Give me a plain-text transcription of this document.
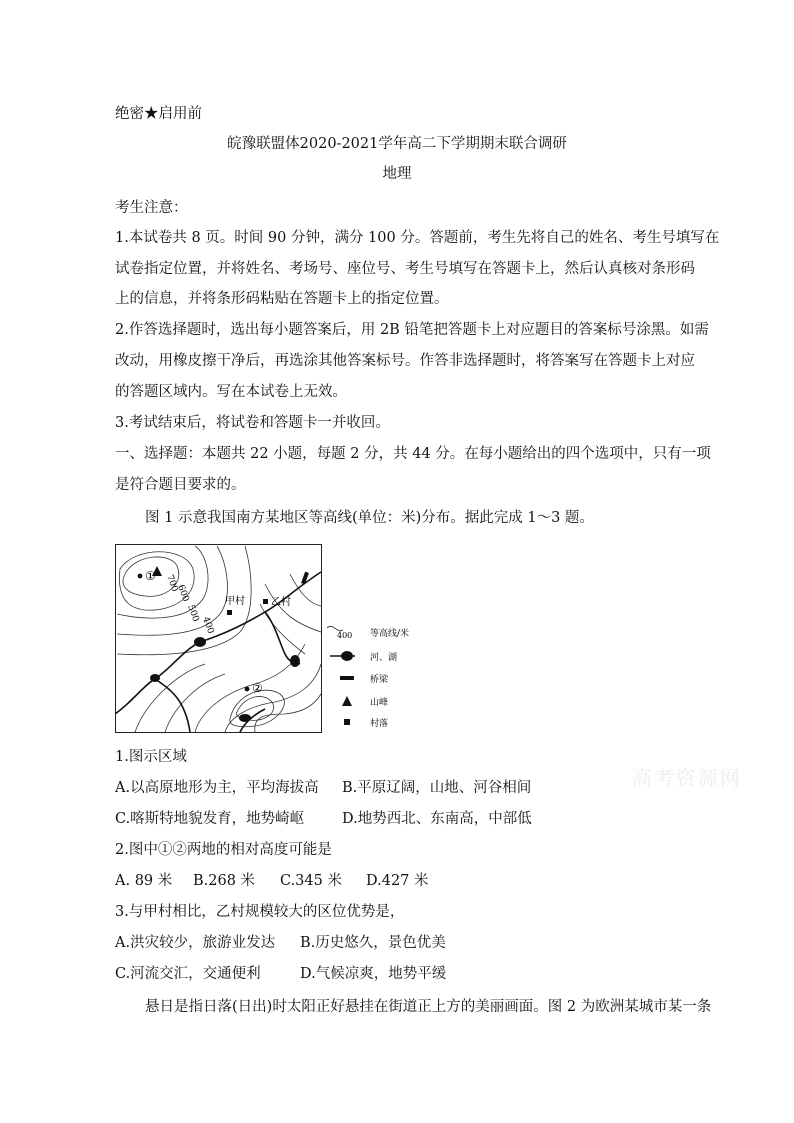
绝密★启用前
皖豫联盟体2020-2021学年高二下学期期末联合调研
地理
考生注意：
1.本试卷共 8 页。时间 90 分钟，满分 100 分。答题前，考生先将自己的姓名、考生号填写在
试卷指定位置，并将姓名、考场号、座位号、考生号填写在答题卡上，然后认真核对条形码
上的信息，并将条形码粘贴在答题卡上的指定位置。
2.作答选择题时，选出每小题答案后，用 2B 铅笔把答题卡上对应题目的答案标号涂黑。如需
改动，用橡皮擦干净后，再选涂其他答案标号。作答非选择题时，将答案写在答题卡上对应
的答题区域内。写在本试卷上无效。
3.考试结束后，将试卷和答题卡一并收回。
一、选择题：本题共 22 小题，每题 2 分，共 44 分。在每小题给出的四个选项中，只有一项
是符合题目要求的。
图 1 示意我国南方某地区等高线(单位：米)分布。据此完成 1～3 题。
①
②
700
600
500
400
甲村	乙村
400 等高线/米
河、湖
桥梁
山峰
村落
高考资源网
1.图示区域
A.以高原地形为主，平均海拔高 B.平原辽阔，山地、河谷相间
C.喀斯特地貌发育，地势崎岖	D.地势西北、东南高，中部低
2.图中①②两地的相对高度可能是
A. 89 米 B.268 米 C.345 米 D.427 米
3.与甲村相比，乙村规模较大的区位优势是，
A.洪灾较少，旅游业发达 B.历史悠久，景色优美
C.河流交汇，交通便利	D.气候凉爽，地势平缓
悬日是指日落(日出)时太阳正好悬挂在街道正上方的美丽画面。图 2 为欧洲某城市某一条
